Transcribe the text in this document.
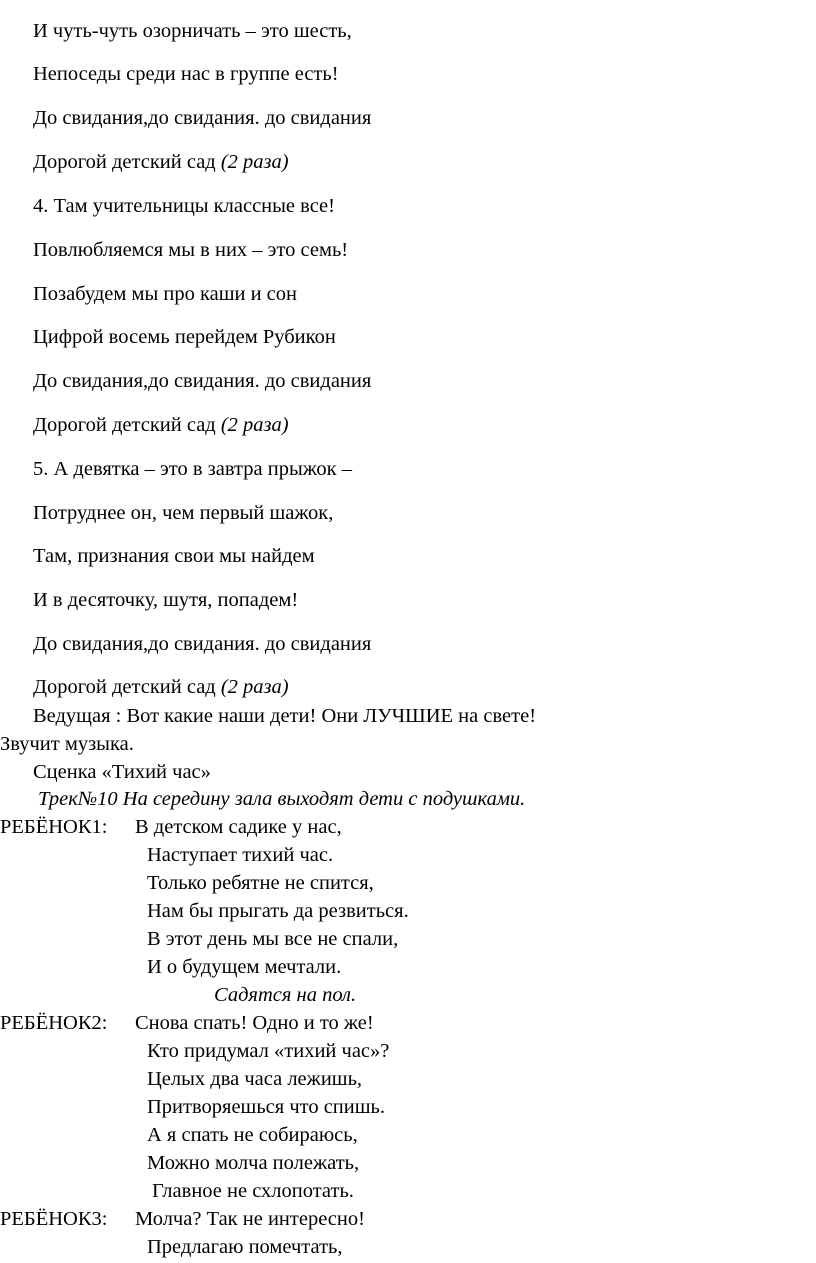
И чуть-чуть озорничать – это шесть,
Непоседы среди нас в группе есть!
До свидания,до свидания. до свидания
Дорогой детский сад (2 раза)
4. Там учительницы классные все!
Повлюбляемся мы в них – это семь!
Позабудем мы про каши и сон
Цифрой восемь перейдем Рубикон
До свидания,до свидания. до свидания
Дорогой детский сад (2 раза)
5. А девятка – это в завтра прыжок –
Потруднее он, чем первый шажок,
Там, признания свои мы найдем
И в десяточку, шутя, попадем!
До свидания,до свидания. до свидания
Дорогой детский сад (2 раза)
Ведущая : Вот какие наши дети! Они ЛУЧШИЕ на свете!
Звучит музыка.
Сценка «Тихий час»
Трек№10 На середину зала выходят дети с подушками.
РЕБЁНОК1: В детском садике у нас,
Наступает тихий час.
Только ребятне не спится,
Нам бы прыгать да резвиться.
В этот день мы все не спали,
И о будущем мечтали.
Садятся на пол.
РЕБЁНОК2: Снова спать! Одно и то же!
Кто придумал «тихий час»?
Целых два часа лежишь,
Притворяешься что спишь.
А я спать не собираюсь,
Можно молча полежать,
Главное не схлопотать.
РЕБЁНОК3: Молча? Так не интересно!
Предлагаю помечтать,
